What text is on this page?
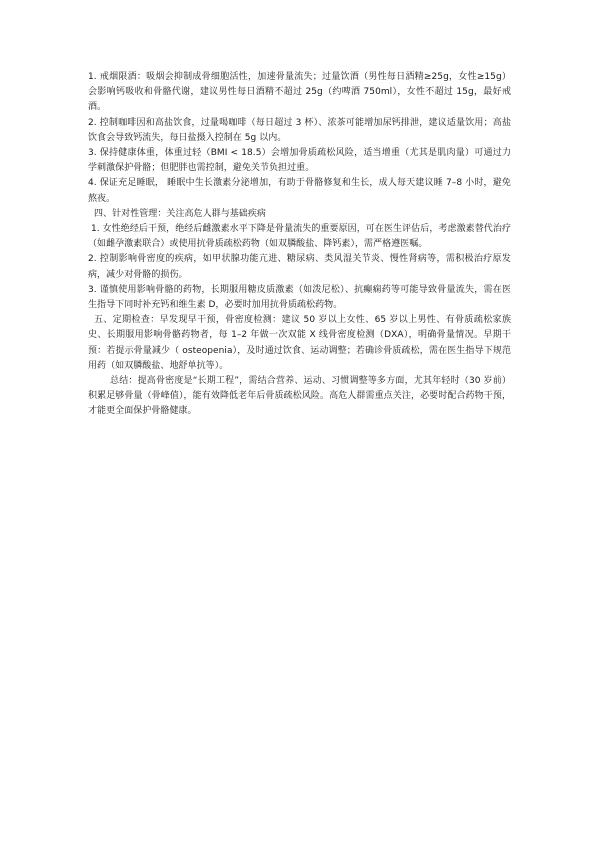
1. 戒烟限酒：吸烟会抑制成骨细胞活性，加速骨量流失；过量饮酒（男性每日酒精≥25g，女性≥15g）会影响钙吸收和骨骼代谢，建议男性每日酒精不超过 25g（约啤酒 750ml），女性不超过 15g，最好戒酒。

2. 控制咖啡因和高盐饮食，过量喝咖啡（每日超过 3 杯）、浓茶可能增加尿钙排泄，建议适量饮用；高盐饮食会导致钙流失，每日盐摄入控制在 5g 以内。

3. 保持健康体重，体重过轻（BMI < 18.5）会增加骨质疏松风险，适当增重（尤其是肌肉量）可通过力学刺激保护骨骼；但肥胖也需控制，避免关节负担过重。

4. 保证充足睡眠， 睡眠中生长激素分泌增加，有助于骨骼修复和生长，成人每天建议睡 7–8 小时，避免熬夜。

四、针对性管理：关注高危人群与基础疾病

1. 女性绝经后干预，绝经后雌激素水平下降是骨量流失的重要原因，可在医生评估后，考虑激素替代治疗（如雌孕激素联合）或使用抗骨质疏松药物（如双膦酸盐、降钙素），需严格遵医嘱。

2. 控制影响骨密度的疾病，如甲状腺功能亢进、糖尿病、类风湿关节炎、慢性肾病等，需积极治疗原发病，减少对骨骼的损伤。

3. 谨慎使用影响骨骼的药物，长期服用糖皮质激素（如泼尼松）、抗癫痫药等可能导致骨量流失，需在医生指导下同时补充钙和维生素 D，必要时加用抗骨质疏松药物。

五、定期检查：早发现早干预，骨密度检测：建议 50 岁以上女性、65 岁以上男性、有骨质疏松家族史、长期服用影响骨骼药物者，每 1–2 年做一次双能 X 线骨密度检测（DXA），明确骨量情况。早期干预：若提示骨量减少（ osteopenia），及时通过饮食、运动调整；若确诊骨质疏松，需在医生指导下规范用药（如双膦酸盐、地舒单抗等）。

总结：提高骨密度是“长期工程”，需结合营养、运动、习惯调整等多方面，尤其年轻时（30 岁前）积累足够骨量（骨峰值），能有效降低老年后骨质疏松风险。高危人群需重点关注，必要时配合药物干预，才能更全面保护骨骼健康。
